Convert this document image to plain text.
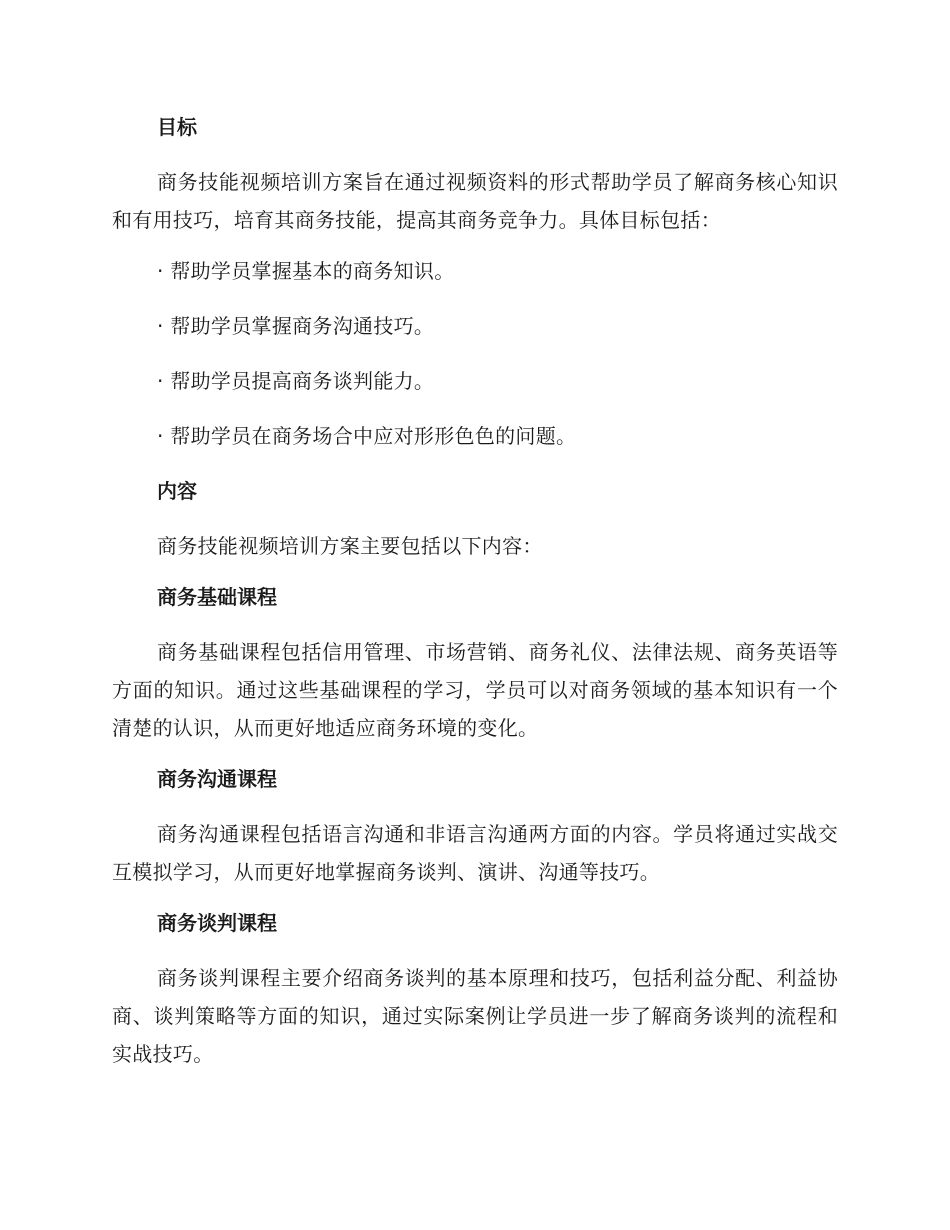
目标

商务技能视频培训方案旨在通过视频资料的形式帮助学员了解商务核心知识和有用技巧，培育其商务技能，提高其商务竞争力。具体目标包括：

· 帮助学员掌握基本的商务知识。
· 帮助学员掌握商务沟通技巧。
· 帮助学员提高商务谈判能力。
· 帮助学员在商务场合中应对形形色色的问题。
内容

商务技能视频培训方案主要包括以下内容：

商务基础课程

商务基础课程包括信用管理、市场营销、商务礼仪、法律法规、商务英语等方面的知识。通过这些基础课程的学习，学员可以对商务领域的基本知识有一个清楚的认识，从而更好地适应商务环境的变化。

商务沟通课程

商务沟通课程包括语言沟通和非语言沟通两方面的内容。学员将通过实战交互模拟学习，从而更好地掌握商务谈判、演讲、沟通等技巧。

商务谈判课程

商务谈判课程主要介绍商务谈判的基本原理和技巧，包括利益分配、利益协商、谈判策略等方面的知识，通过实际案例让学员进一步了解商务谈判的流程和实战技巧。
